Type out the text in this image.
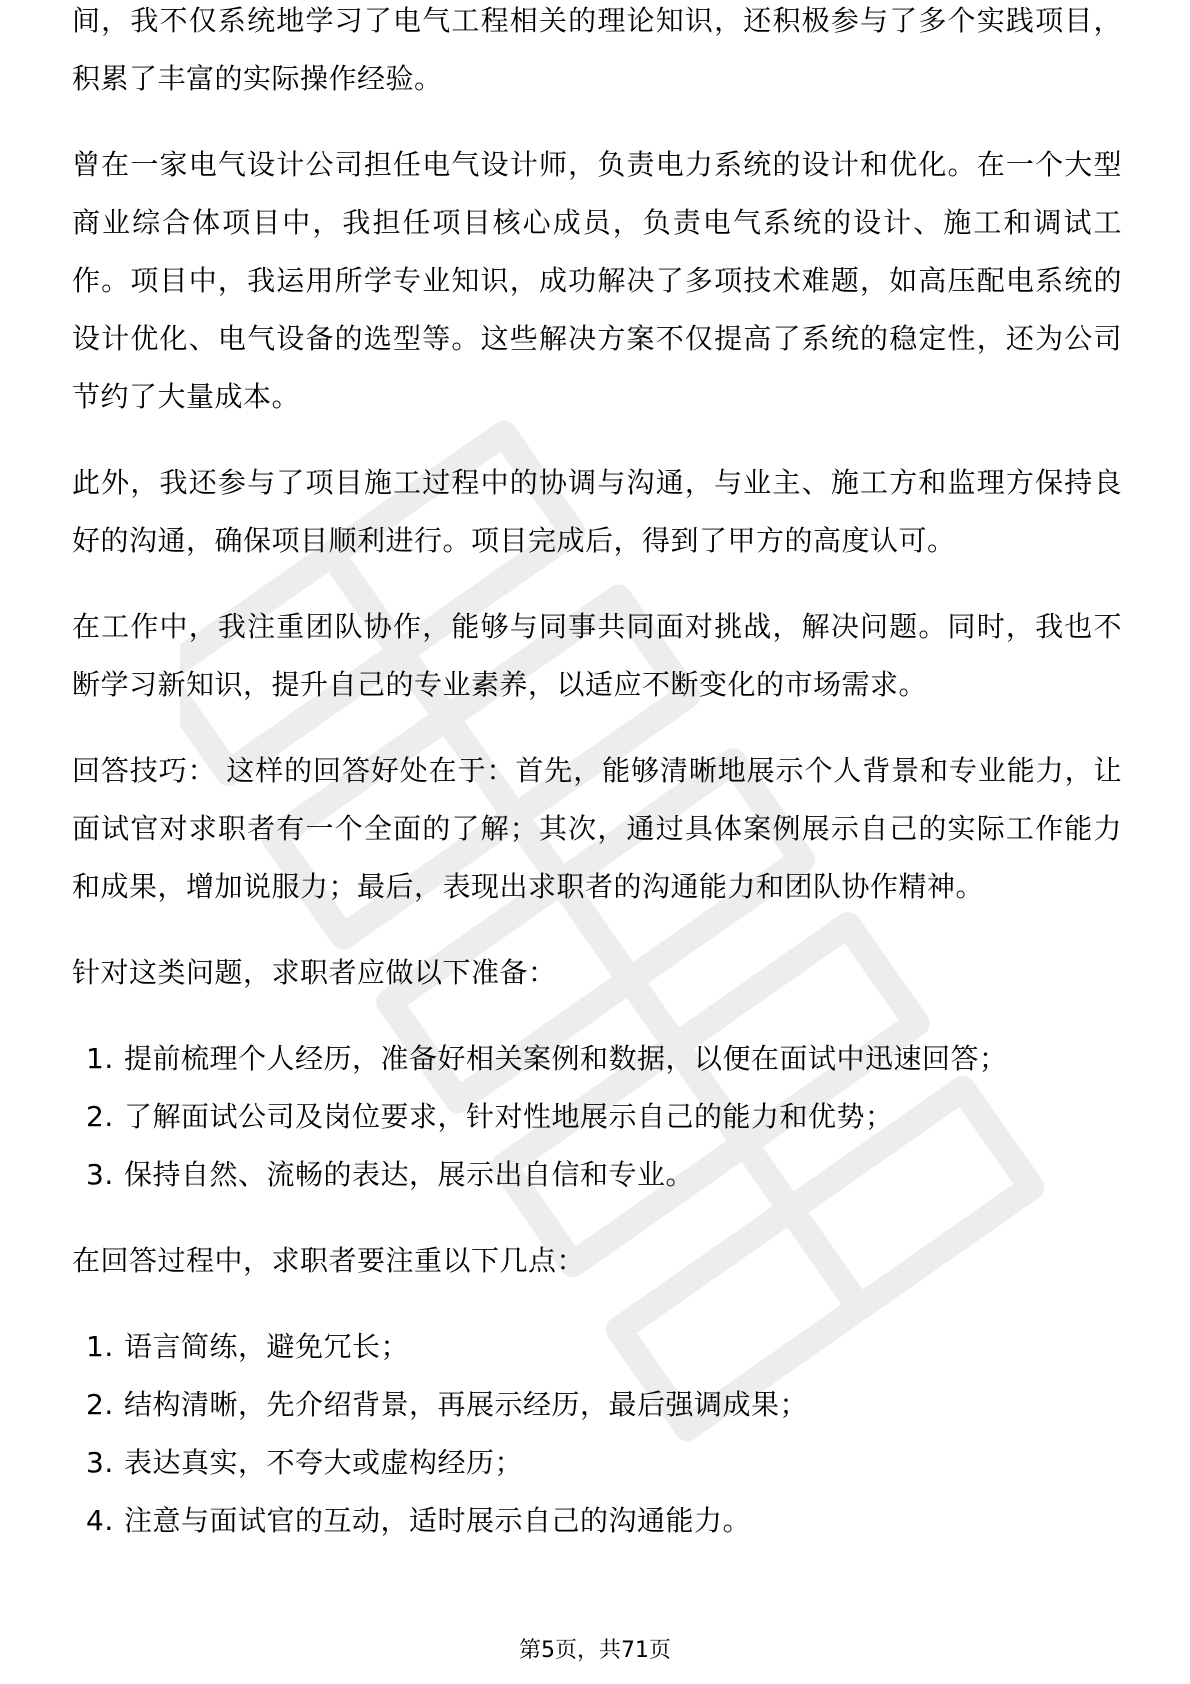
间，我不仅系统地学习了电气工程相关的理论知识，还积极参与了多个实践项目，积累了丰富的实际操作经验。

曾在一家电气设计公司担任电气设计师，负责电力系统的设计和优化。在一个大型商业综合体项目中，我担任项目核心成员，负责电气系统的设计、施工和调试工作。项目中，我运用所学专业知识，成功解决了多项技术难题，如高压配电系统的设计优化、电气设备的选型等。这些解决方案不仅提高了系统的稳定性，还为公司节约了大量成本。

此外，我还参与了项目施工过程中的协调与沟通，与业主、施工方和监理方保持良好的沟通，确保项目顺利进行。项目完成后，得到了甲方的高度认可。

在工作中，我注重团队协作，能够与同事共同面对挑战，解决问题。同时，我也不断学习新知识，提升自己的专业素养，以适应不断变化的市场需求。

回答技巧： 这样的回答好处在于：首先，能够清晰地展示个人背景和专业能力，让面试官对求职者有一个全面的了解；其次，通过具体案例展示自己的实际工作能力和成果，增加说服力；最后，表现出求职者的沟通能力和团队协作精神。

针对这类问题，求职者应做以下准备：

1. 提前梳理个人经历，准备好相关案例和数据，以便在面试中迅速回答；
2. 了解面试公司及岗位要求，针对性地展示自己的能力和优势；
3. 保持自然、流畅的表达，展示出自信和专业。

在回答过程中，求职者要注重以下几点：

1. 语言简练，避免冗长；
2. 结构清晰，先介绍背景，再展示经历，最后强调成果；
3. 表达真实，不夸大或虚构经历；
4. 注意与面试官的互动，适时展示自己的沟通能力。
第5页，共71页
